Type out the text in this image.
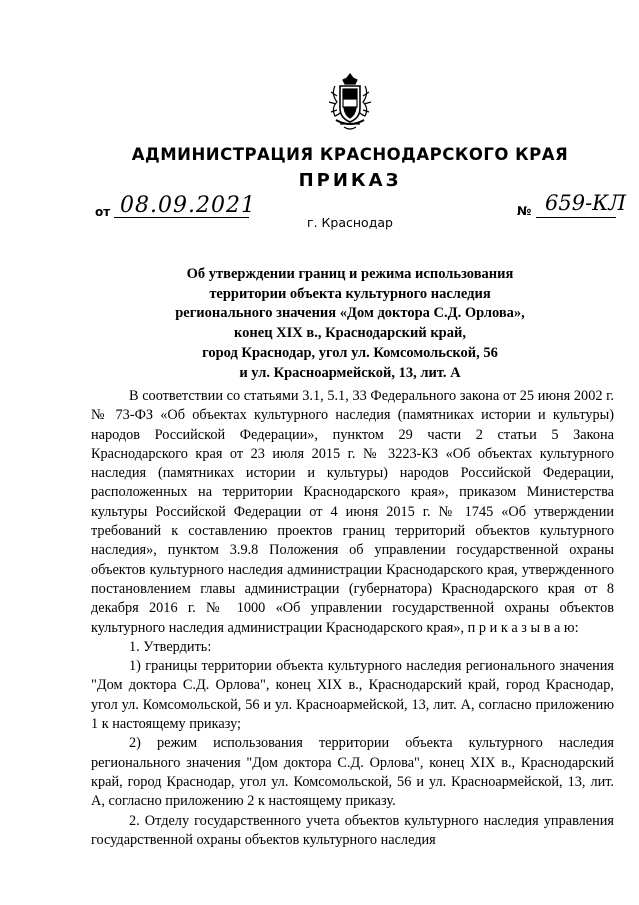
АДМИНИСТРАЦИЯ КРАСНОДАРСКОГО КРАЯ
ПРИКАЗ
от 08.09.2021
г. Краснодар
№ 659-КЛ
Об утверждении границ и режима использования
территории объекта культурного наследия
регионального значения «Дом доктора С.Д. Орлова»,
конец XIX в., Краснодарский край,
город Краснодар, угол ул. Комсомольской, 56
и ул. Красноармейской, 13, лит. А

В соответствии со статьями 3.1, 5.1, 33 Федерального закона от 25 июня 2002 г. № 73-ФЗ «Об объектах культурного наследия (памятниках истории и культуры) народов Российской Федерации», пунктом 29 части 2 статьи 5 Закона Краснодарского края от 23 июля 2015 г. № 3223-КЗ «Об объектах культурного наследия (памятниках истории и культуры) народов Российской Федерации, расположенных на территории Краснодарского края», приказом Министерства культуры Российской Федерации от 4 июня 2015 г. № 1745 «Об утверждении требований к составлению проектов границ территорий объектов культурного наследия», пунктом 3.9.8 Положения об управлении государственной охраны объектов культурного наследия администрации Краснодарского края, утвержденного постановлением главы администрации (губернатора) Краснодарского края от 8 декабря 2016 г. № 1000 «Об управлении государственной охраны объектов культурного наследия администрации Краснодарского края», п р и к а з ы в а ю:

1. Утвердить:

1) границы территории объекта культурного наследия регионального значения "Дом доктора С.Д. Орлова", конец XIX в., Краснодарский край, город Краснодар, угол ул. Комсомольской, 56 и ул. Красноармейской, 13, лит. А, согласно приложению 1 к настоящему приказу;

2) режим использования территории объекта культурного наследия регионального значения "Дом доктора С.Д. Орлова", конец XIX в., Краснодарский край, город Краснодар, угол ул. Комсомольской, 56 и ул. Красноармейской, 13, лит. А, согласно приложению 2 к настоящему приказу.

2. Отделу государственного учета объектов культурного наследия управления государственной охраны объектов культурного наследия
